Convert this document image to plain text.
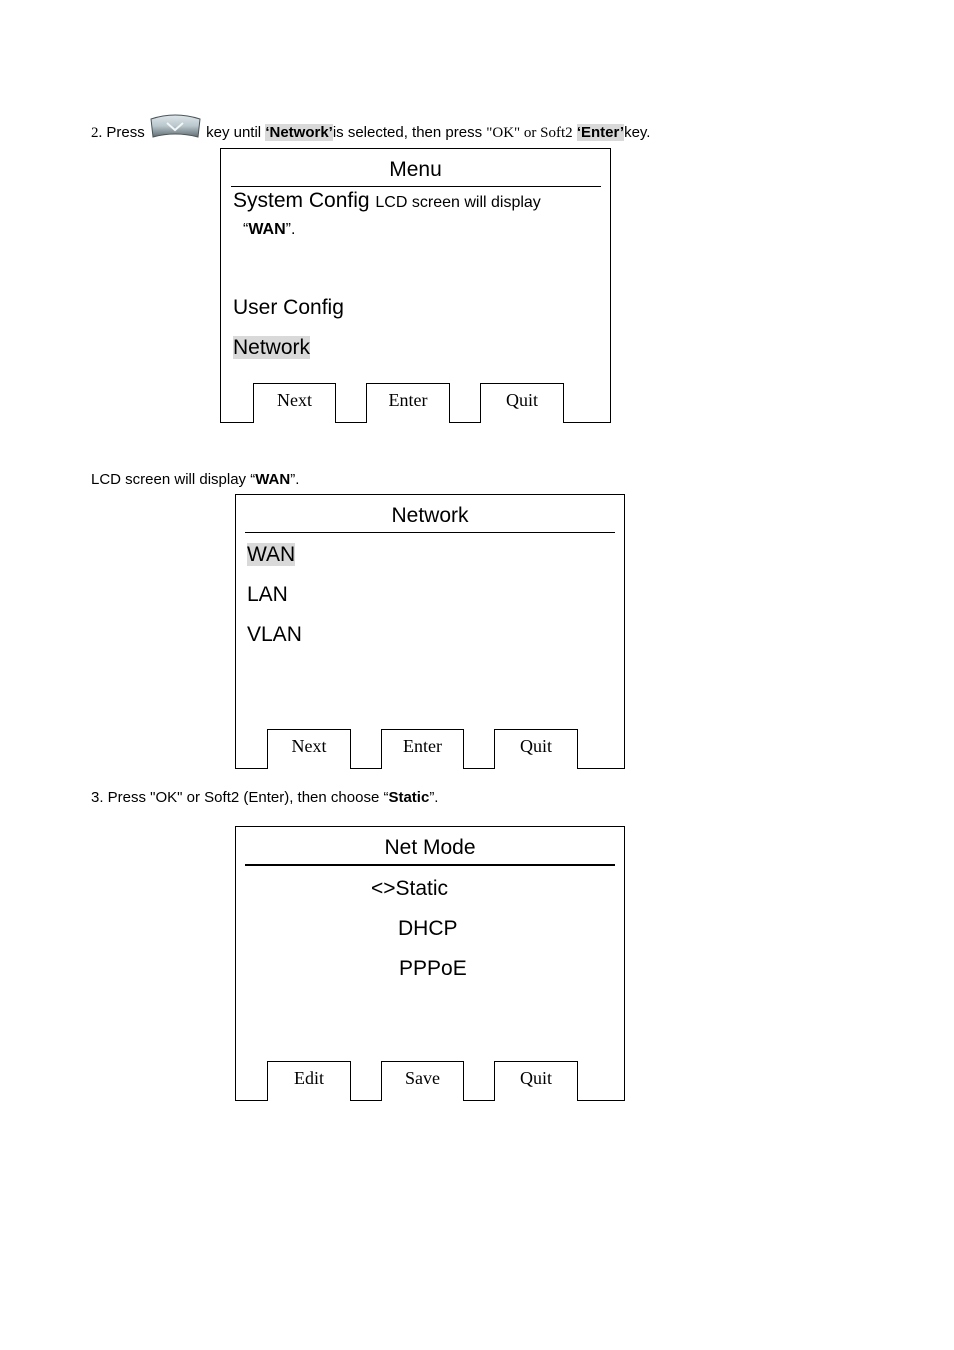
2. Press	key until ‘Network’is selected, then press "OK" or Soft2 ‘Enter’key.
Menu
System Config LCD screen will display
“WAN”.
User Config
Network
Next	Enter	Quit
LCD screen will display “WAN”.
Network
WAN
LAN
VLAN
Next	Enter	Quit
3. Press "OK" or Soft2 (Enter), then choose “Static”.
Net Mode
<>Static
DHCP
PPPoE
Edit	Save	Quit
